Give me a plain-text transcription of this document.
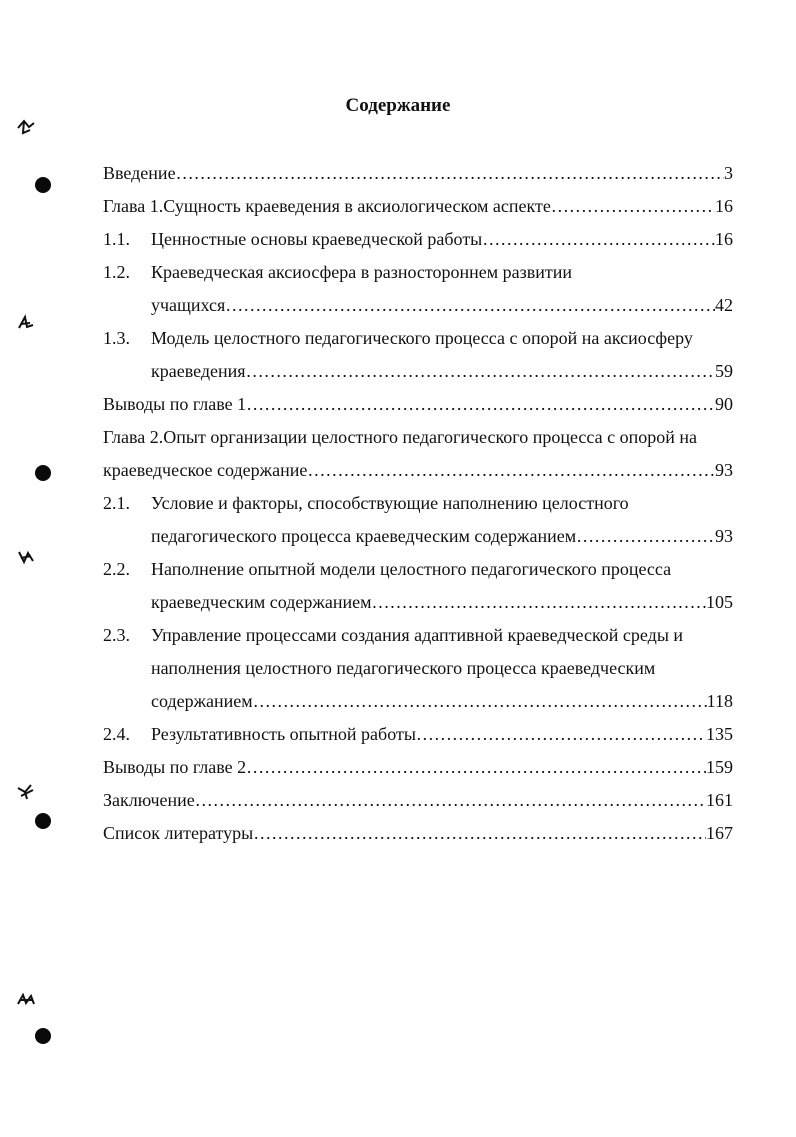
Содержание
Введение ……………………………………………………………………………………………………………………………………	3
Глава 1.Сущность краеведения в аксиологическом аспекте ……………………………………………………………………………………………………………………………………	16
1.1. Ценностные основы краеведческой работы ……………………………………………………………………………………………………………………………………	16
1.2. Краеведческая аксиосфера в разностороннем развитии
учащихся ……………………………………………………………………………………………………………………………………	42
1.3. Модель целостного педагогического процесса с опорой на аксиосферу
краеведения ……………………………………………………………………………………………………………………………………	59
Выводы по главе 1 ……………………………………………………………………………………………………………………………………	90
Глава 2.Опыт организации целостного педагогического процесса с опорой на
краеведческое содержание ……………………………………………………………………………………………………………………………………	93
2.1. Условие и факторы, способствующие наполнению целостного
педагогического процесса краеведческим содержанием ……………………………………………………………………………………………………………………………………	93
2.2. Наполнение опытной модели целостного педагогического процесса
краеведческим содержанием ……………………………………………………………………………………………………………………………………	105
2.3. Управление процессами создания адаптивной краеведческой среды и
наполнения целостного педагогического процесса краеведческим
содержанием ……………………………………………………………………………………………………………………………………	118
2.4. Результативность опытной работы ……………………………………………………………………………………………………………………………………	135
Выводы по главе 2 ……………………………………………………………………………………………………………………………………	159
Заключение ……………………………………………………………………………………………………………………………………	161
Список литературы ……………………………………………………………………………………………………………………………………	167
